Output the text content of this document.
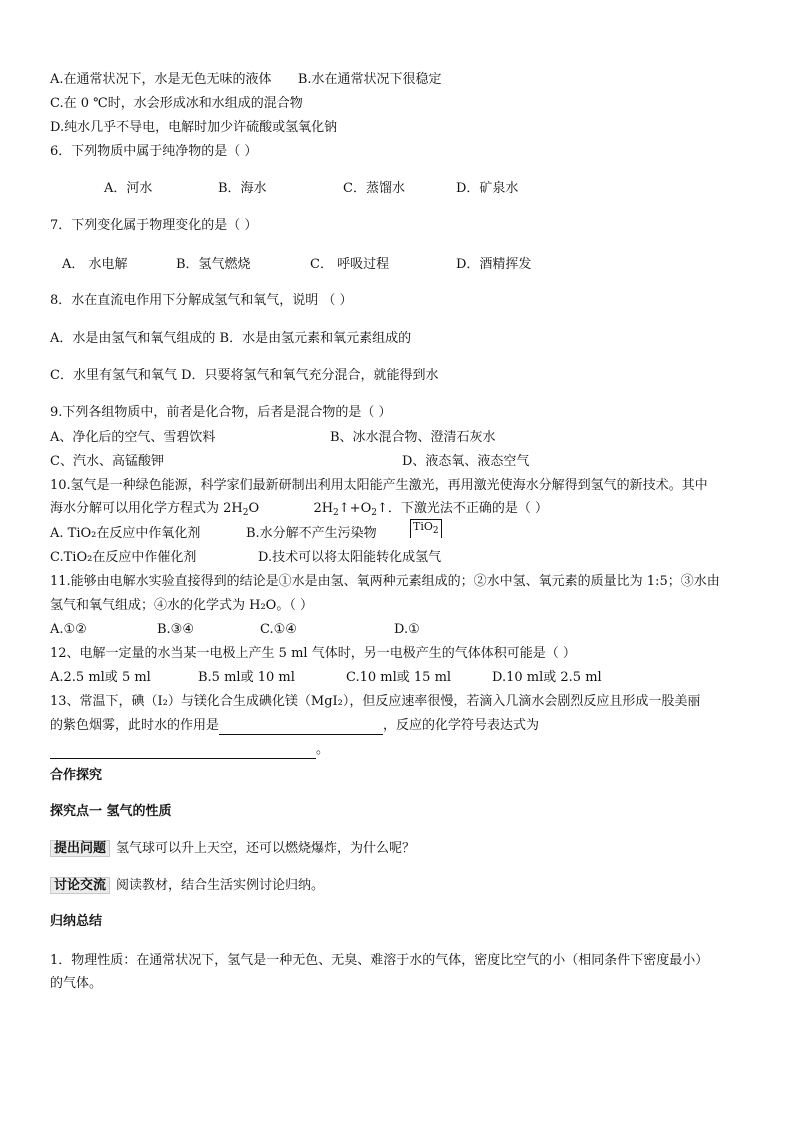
A.在通常状况下，水是无色无味的液体 B.水在通常状况下很稳定
C.在 0 ℃时，水会形成冰和水组成的混合物
D.纯水几乎不导电，电解时加少许硫酸或氢氧化钠
6．下列物质中属于纯净物的是（ ）
A．河水	B．海水	C．蒸馏水	D．矿泉水
7．下列变化属于物理变化的是（ ）
A． 水电解	B．氢气燃烧	C． 呼吸过程	D．酒精挥发
8．水在直流电作用下分解成氢气和氧气，说明 （ ）
A．水是由氢气和氧气组成的 B．水是由氢元素和氧元素组成的
C．水里有氢气和氧气 D．只要将氢气和氧气充分混合，就能得到水
9.下列各组物质中，前者是化合物，后者是混合物的是（ ）
A、净化后的空气、雪碧饮料	B、冰水混合物、澄清石灰水
C、汽水、高锰酸钾	D、液态氧、液态空气
10.氢气是一种绿色能源，科学家们最新研制出利用太阳能产生激光，再用激光使海水分解得到氢气的新技术。其中
海水分解可以用化学方程式为 $2H_2O$	$2H_2↑+O_2↑$．下激光法不正确的是（ ）
TiO$_2$
A. TiO₂在反应中作氧化剂	B.水分解不产生污染物
C.TiO₂在反应中作催化剂	D.技术可以将太阳能转化成氢气
11.能够由电解水实验直接得到的结论是①水是由氢、氧两种元素组成的；②水中氢、氧元素的质量比为 1:5；③水由
氢气和氧气组成；④水的化学式为 H₂O。（ ）
A.①②	B.③④	C.①④	D.①
12、电解一定量的水当某一电极上产生 5 ml 气体时，另一电极产生的气体体积可能是（ ）
A.2.5 ml或 5 ml	B.5 ml或 10 ml	C.10 ml或 15 ml	D.10 ml或 2.5 ml
13、常温下，碘（I₂）与镁化合生成碘化镁（MgI₂），但反应速率很慢，若滴入几滴水会剧烈反应且形成一股美丽
的紫色烟雾，此时水的作用是	，反应的化学符号表达式为
。
合作探究
探究点一 氢气的性质
提出问题 氢气球可以升上天空，还可以燃烧爆炸，为什么呢？
讨论交流 阅读教材，结合生活实例讨论归纳。
归纳总结
1．物理性质：在通常状况下，氢气是一种无色、无臭、难溶于水的气体，密度比空气的小（相同条件下密度最小）
的气体。
